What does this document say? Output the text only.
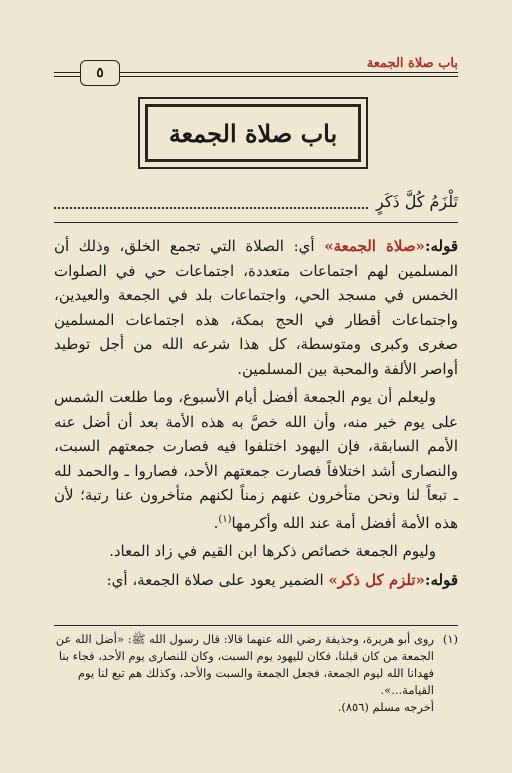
باب صلاة الجمعة
٥
باب صلاة الجمعة
تَلْزَمُ كُلَّ ذَكَرٍ

قوله:«صلاة الجمعة» أي: الصلاة التي تجمع الخلق، وذلك أن المسلمين لهم اجتماعات متعددة، اجتماعات حي في الصلوات الخمس في مسجد الحي، واجتماعات بلد في الجمعة والعيدين، واجتماعات أقطار في الحج بمكة، هذه اجتماعات المسلمين صغرى وكبرى ومتوسطة، كل هذا شرعه الله من أجل توطيد أواصر الألفة والمحبة بين المسلمين.

وليعلم أن يوم الجمعة أفضل أيام الأسبوع، وما طلعت الشمس على يوم خير منه، وأن الله خصَّ به هذه الأمة بعد أن أضل عنه الأمم السابقة، فإن اليهود اختلفوا فيه فصارت جمعتهم السبت، والنصارى أشد اختلافاً فصارت جمعتهم الأحد، فصاروا ـ والحمد لله ـ تبعاً لنا ونحن متأخرون عنهم زمناً لكنهم متأخرون عنا رتبة؛ لأن هذه الأمة أفضل أمة عند الله وأكرمها$^{(١)}$.

وليوم الجمعة خصائص ذكرها ابن القيم في زاد المعاد.

قوله:«تلزم كل ذكر» الضمير يعود على صلاة الجمعة، أي:

(١)

روى أبو هريرة، وحذيفة رضي الله عنهما قالا: قال رسول الله ﷺ: «أضل الله عن الجمعة من كان قبلنا، فكان لليهود يوم السبت، وكان للنصارى يوم الأحد، فجاء بنا فهدانا الله ليوم الجمعة، فجعل الجمعة والسبت والأحد، وكذلك هم تبع لنا يوم القيامة...».

أخرجه مسلم (٨٥٦).
